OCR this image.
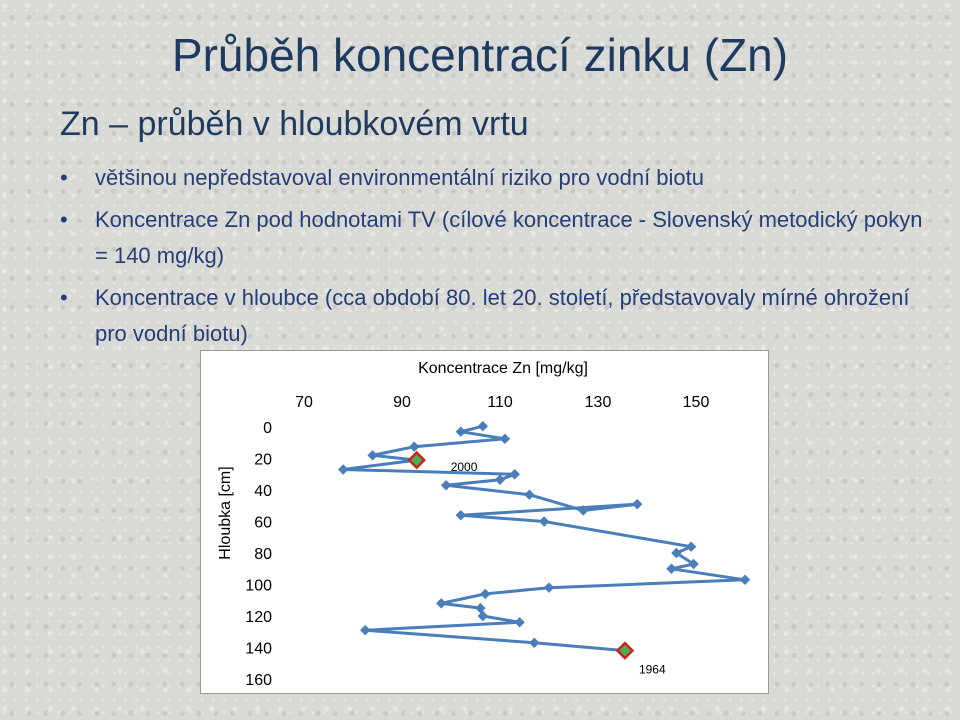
Průběh koncentrací zinku (Zn)
Zn – průběh v hloubkovém vrtu
• většinou nepředstavoval environmentální riziko pro vodní biotu
• Koncentrace Zn pod hodnotami TV (cílové koncentrace - Slovenský metodický pokyn = 140 mg/kg)
• Koncentrace v hloubce (cca období 80. let 20. století, představovaly mírné ohrožení pro vodní biotu)
Koncentrace Zn [mg/kg]
Hloubka [cm]
70	90	110	130	150
0
20
40
60
80
100
120
140
160
2000
1964
